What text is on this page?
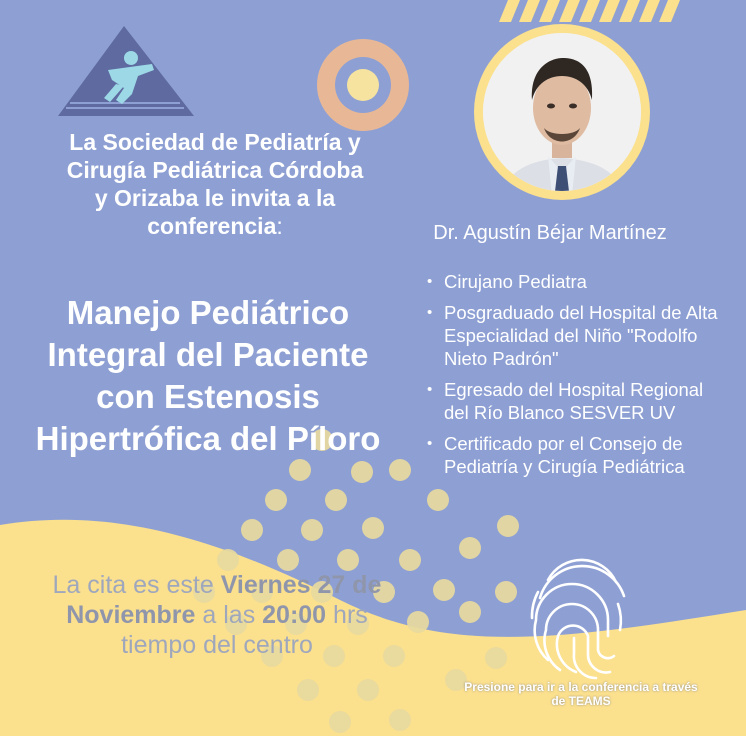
La Sociedad de Pediatría y Cirugía Pediátrica Córdoba y Orizaba le invita a la conferencia:
Manejo Pediátrico Integral del Paciente con Estenosis Hipertrófica del Píloro
Dr. Agustín Béjar Martínez
• Cirujano Pediatra
• Posgraduado del Hospital de Alta Especialidad del Niño "Rodolfo Nieto Padrón"
• Egresado del Hospital Regional del Río Blanco SESVER UV
• Certificado por el Consejo de Pediatría y Cirugía Pediátrica
La cita es este Viernes 27 de Noviembre a las 20:00 hrs tiempo del centro
Presione para ir a la conferencia a través de TEAMS
